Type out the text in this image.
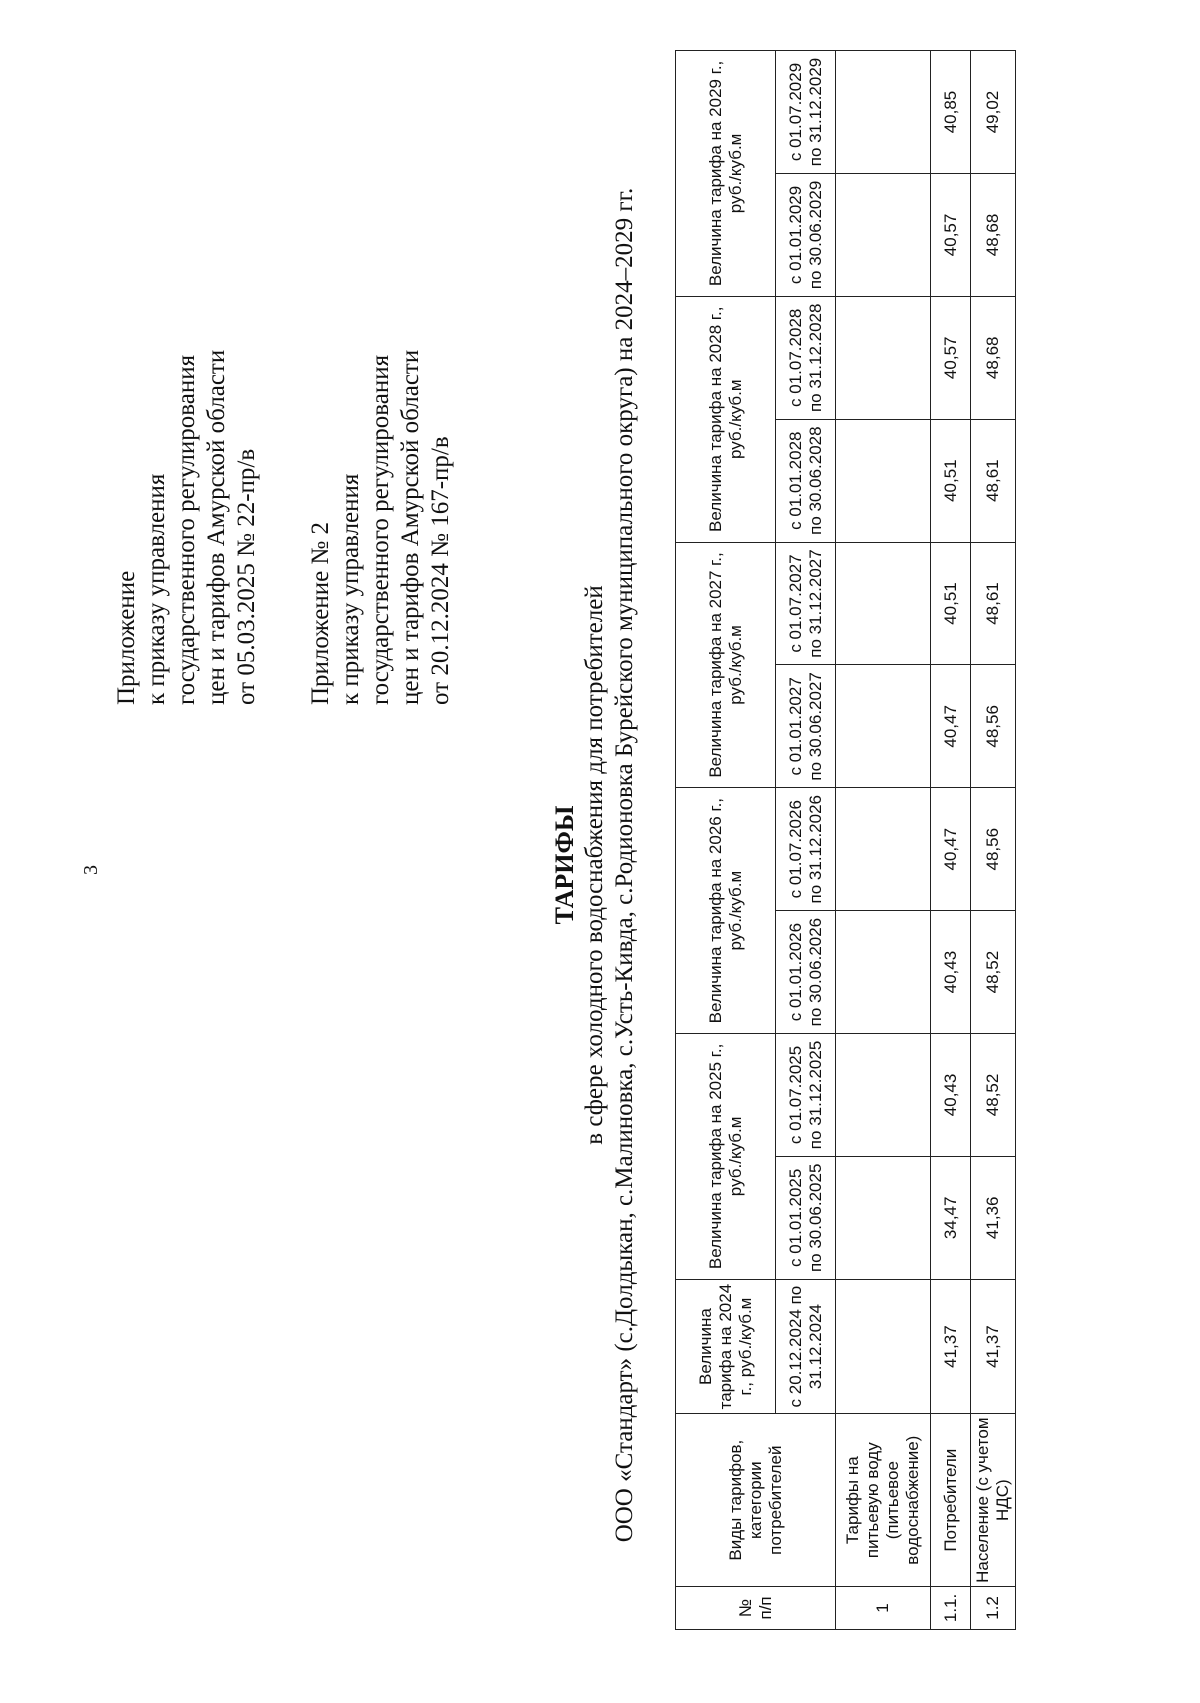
3
Приложение к приказу управления государственного регулирования цен и тарифов Амурской области от 05.03.2025 № 22-пр/в Приложение № 2 к приказу управления государственного регулирования цен и тарифов Амурской области от 20.12.2024 № 167-пр/в
ТАРИФЫ в сфере холодного водоснабжения для потребителей ООО «Стандарт» (с.Долдыкан, с.Малиновка, с.Усть-Кивда, с.Родионовка Бурейского муниципального округа) на 2024–2029 гг.
№ п/п	Виды тарифов, категории потребителей	Величина тарифа на 2024 г., руб./куб.м	Величина тарифа на 2025 г., руб./куб.м		Величина тарифа на 2026 г., руб./куб.м		Величина тарифа на 2027 г., руб./куб.м		Величина тарифа на 2028 г., руб./куб.м		Величина тарифа на 2029 г., руб./куб.м	
		с 20.12.2024 по 31.12.2024	с 01.01.2025 по 30.06.2025	с 01.07.2025 по 31.12.2025	с 01.01.2026 по 30.06.2026	с 01.07.2026 по 31.12.2026	с 01.01.2027 по 30.06.2027	с 01.07.2027 по 31.12.2027	с 01.01.2028 по 30.06.2028	с 01.07.2028 по 31.12.2028	с 01.01.2029 по 30.06.2029	с 01.07.2029 по 31.12.2029
1	Тарифы на питьевую воду (питьевое водоснабжение)											
1.1.	Потребители	41,37	34,47	40,43	40,43	40,47	40,47	40,51	40,51	40,57	40,57	40,85
1.2	Население (с учетом НДС)	41,37	41,36	48,52	48,52	48,56	48,56	48,61	48,61	48,68	48,68	49,02
